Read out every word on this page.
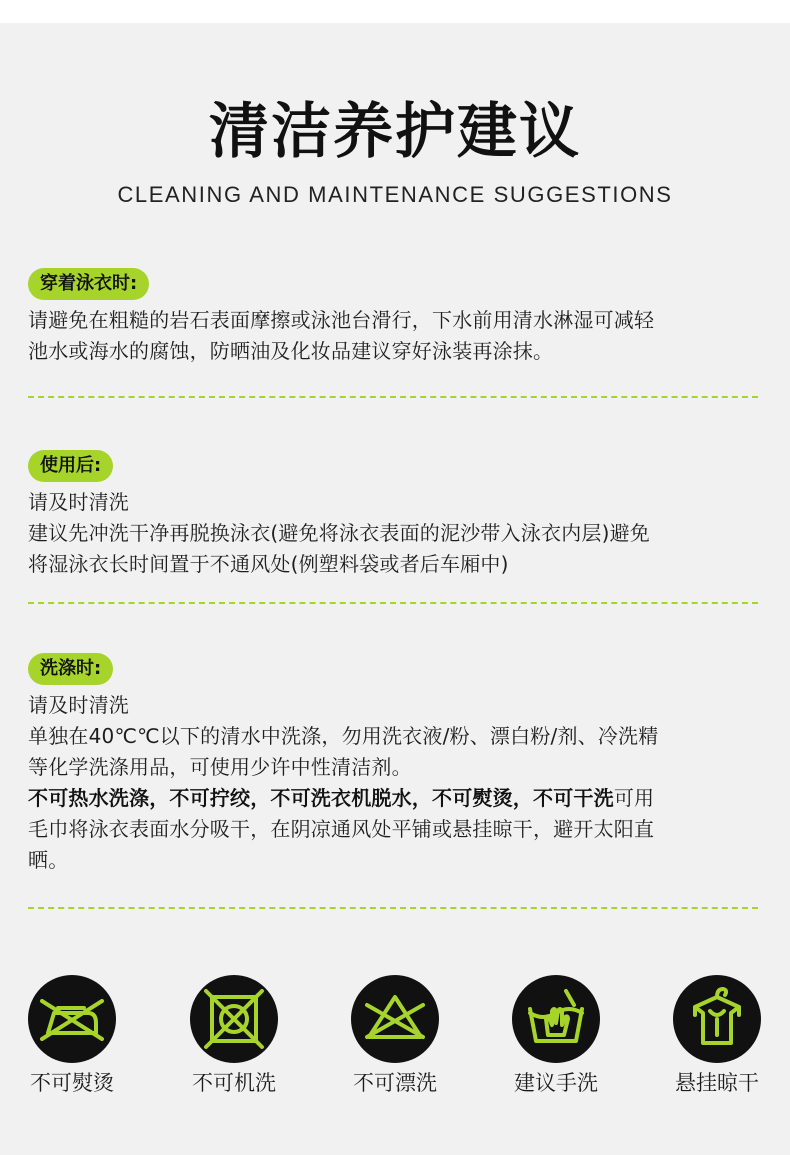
清洁养护建议
CLEANING AND MAINTENANCE SUGGESTIONS
穿着泳衣时:

请避免在粗糙的岩石表面摩擦或泳池台滑行，下水前用清水淋湿可减轻

池水或海水的腐蚀，防晒油及化妆品建议穿好泳装再涂抹。

使用后:

请及时清洗

建议先冲洗干净再脱换泳衣(避免将泳衣表面的泥沙带入泳衣内层)避免

将湿泳衣长时间置于不通风处(例塑料袋或者后车厢中)

洗涤时:

请及时清洗

单独在40℃℃以下的清水中洗涤，勿用洗衣液/粉、漂白粉/剂、冷洗精

等化学洗涤用品，可使用少许中性清洁剂。

不可热水洗涤，不可拧绞，不可洗衣机脱水，不可熨烫，不可干洗可用

毛巾将泳衣表面水分吸干，在阴凉通风处平铺或悬挂晾干，避开太阳直

晒。

不可熨烫	不可机洗	不可漂洗	建议手洗	悬挂晾干
